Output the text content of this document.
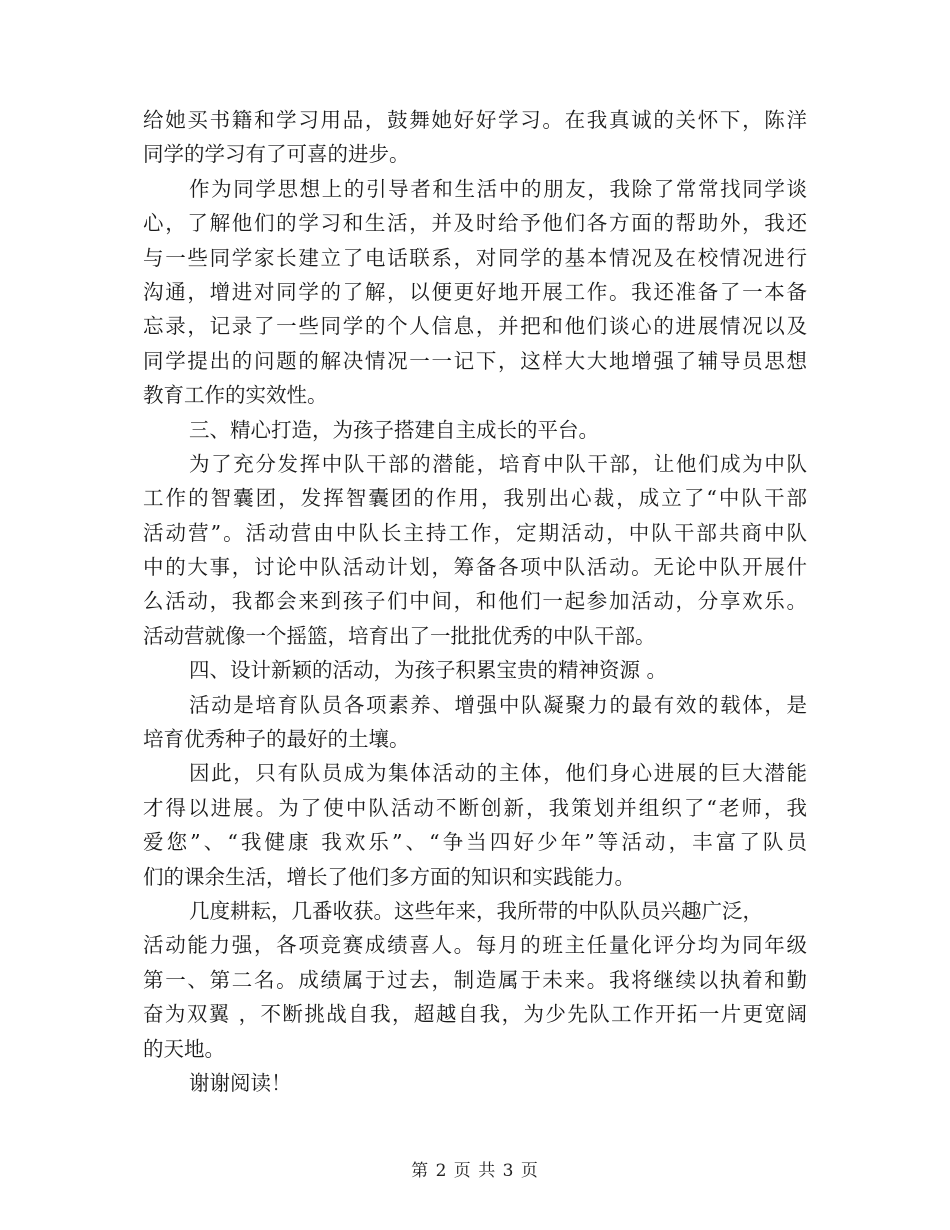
给她买书籍和学习用品，鼓舞她好好学习。在我真诚的关怀下，陈洋
同学的学习有了可喜的进步。
作为同学思想上的引导者和生活中的朋友，我除了常常找同学谈
心，了解他们的学习和生活，并及时给予他们各方面的帮助外，我还
与一些同学家长建立了电话联系，对同学的基本情况及在校情况进行
沟通，增进对同学的了解，以便更好地开展工作。我还准备了一本备
忘录，记录了一些同学的个人信息，并把和他们谈心的进展情况以及
同学提出的问题的解决情况一一记下，这样大大地增强了辅导员思想
教育工作的实效性。
三、精心打造，为孩子搭建自主成长的平台。
为了充分发挥中队干部的潜能，培育中队干部，让他们成为中队
工作的智囊团，发挥智囊团的作用，我别出心裁，成立了“中队干部
活动营”。活动营由中队长主持工作，定期活动，中队干部共商中队
中的大事，讨论中队活动计划，筹备各项中队活动。无论中队开展什
么活动，我都会来到孩子们中间，和他们一起参加活动，分享欢乐。
活动营就像一个摇篮，培育出了一批批优秀的中队干部。
四、设计新颖的活动，为孩子积累宝贵的精神资源 。
活动是培育队员各项素养、增强中队凝聚力的最有效的载体，是
培育优秀种子的最好的土壤。
因此，只有队员成为集体活动的主体，他们身心进展的巨大潜能
才得以进展。为了使中队活动不断创新，我策划并组织了“老师，我
爱您”、“我健康 我欢乐”、“争当四好少年”等活动，丰富了队员
们的课余生活，增长了他们多方面的知识和实践能力。
几度耕耘，几番收获。这些年来，我所带的中队队员兴趣广泛，
活动能力强，各项竞赛成绩喜人。每月的班主任量化评分均为同年级
第一、第二名。成绩属于过去，制造属于未来。我将继续以执着和勤
奋为双翼 ，不断挑战自我，超越自我，为少先队工作开拓一片更宽阔
的天地。
谢谢阅读！
第 2 页 共 3 页
